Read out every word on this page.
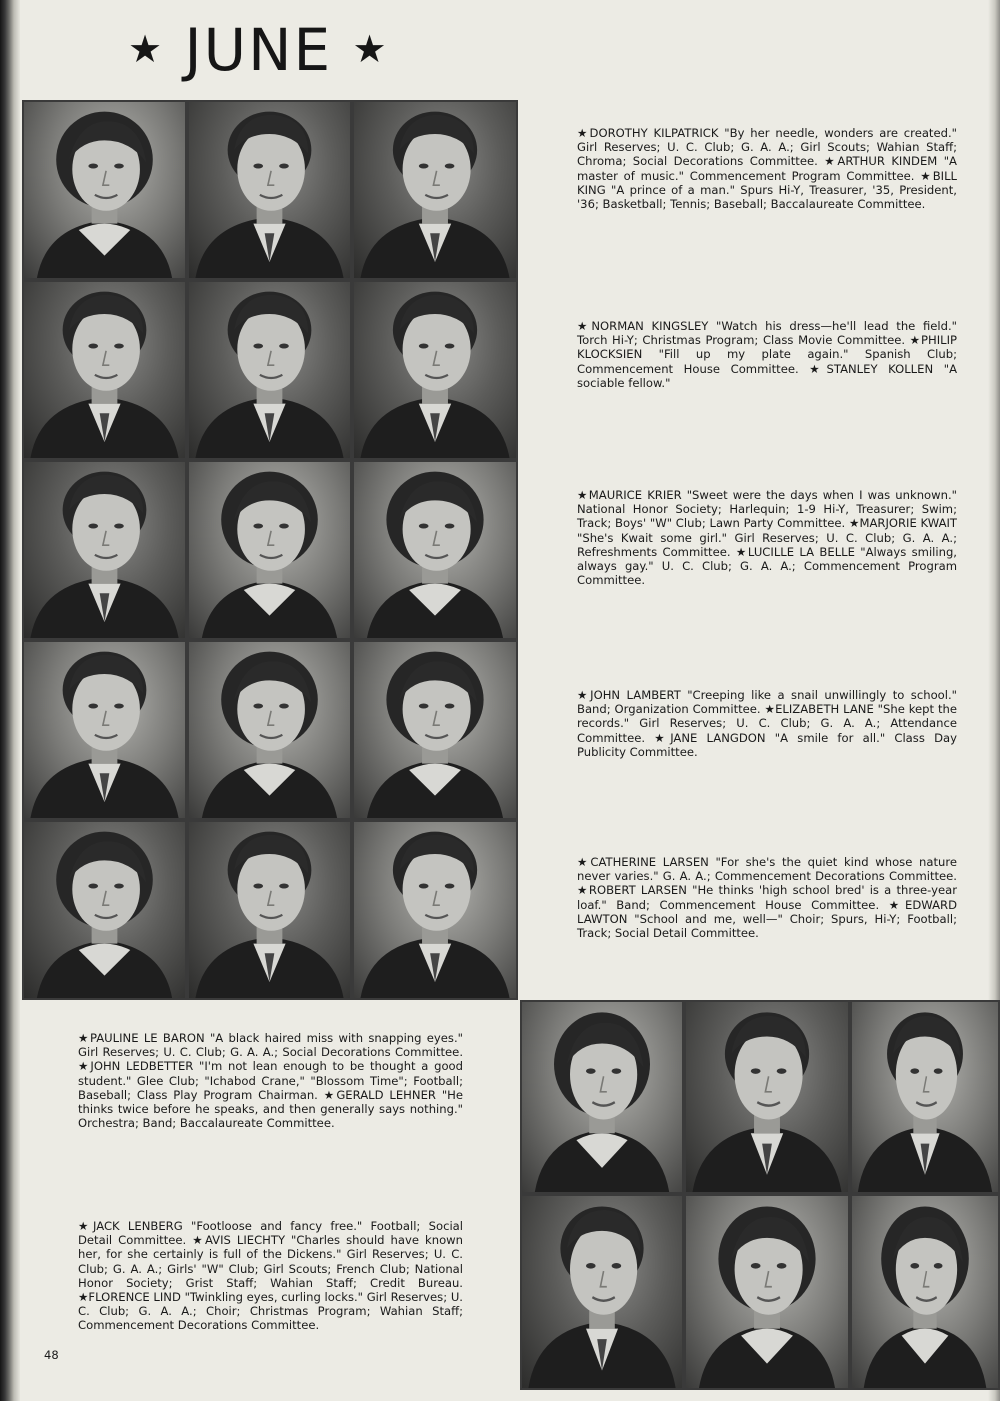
★ JUNE ★

★DOROTHY KILPATRICK "By her needle, wonders are created." Girl Reserves; U. C. Club; G. A. A.; Girl Scouts; Wahian Staff; Chroma; Social Decorations Committee. ★ARTHUR KINDEM "A master of music." Commencement Program Committee. ★BILL KING "A prince of a man." Spurs Hi-Y, Treasurer, '35, President, '36; Basketball; Tennis; Baseball; Baccalaureate Committee.

★NORMAN KINGSLEY "Watch his dress—he'll lead the field." Torch Hi-Y; Christmas Program; Class Movie Committee. ★PHILIP KLOCKSIEN "Fill up my plate again." Spanish Club; Commencement House Committee. ★STANLEY KOLLEN "A sociable fellow."

★MAURICE KRIER "Sweet were the days when I was unknown." National Honor Society; Harlequin; 1-9 Hi-Y, Treasurer; Swim; Track; Boys' "W" Club; Lawn Party Committee. ★MARJORIE KWAIT "She's Kwait some girl." Girl Reserves; U. C. Club; G. A. A.; Refreshments Committee. ★LUCILLE LA BELLE "Always smiling, always gay." U. C. Club; G. A. A.; Commencement Program Committee.

★JOHN LAMBERT "Creeping like a snail unwillingly to school." Band; Organization Committee. ★ELIZABETH LANE "She kept the records." Girl Reserves; U. C. Club; G. A. A.; Attendance Committee. ★JANE LANGDON "A smile for all." Class Day Publicity Committee.

★CATHERINE LARSEN "For she's the quiet kind whose nature never varies." G. A. A.; Commencement Decorations Committee. ★ROBERT LARSEN "He thinks 'high school bred' is a three-year loaf." Band; Commencement House Committee. ★EDWARD LAWTON "School and me, well—" Choir; Spurs, Hi-Y; Football; Track; Social Detail Committee.

★PAULINE LE BARON "A black haired miss with snapping eyes." Girl Reserves; U. C. Club; G. A. A.; Social Decorations Committee. ★JOHN LEDBETTER "I'm not lean enough to be thought a good student." Glee Club; "Ichabod Crane," "Blossom Time"; Football; Baseball; Class Play Program Chairman. ★GERALD LEHNER "He thinks twice before he speaks, and then generally says nothing." Orchestra; Band; Baccalaureate Committee.

★JACK LENBERG "Footloose and fancy free." Football; Social Detail Committee. ★AVIS LIECHTY "Charles should have known her, for she certainly is full of the Dickens." Girl Reserves; U. C. Club; G. A. A.; Girls' "W" Club; Girl Scouts; French Club; National Honor Society; Grist Staff; Wahian Staff; Credit Bureau. ★FLORENCE LIND "Twinkling eyes, curling locks." Girl Reserves; U. C. Club; G. A. A.; Choir; Christmas Program; Wahian Staff; Commencement Decorations Committee.

48
